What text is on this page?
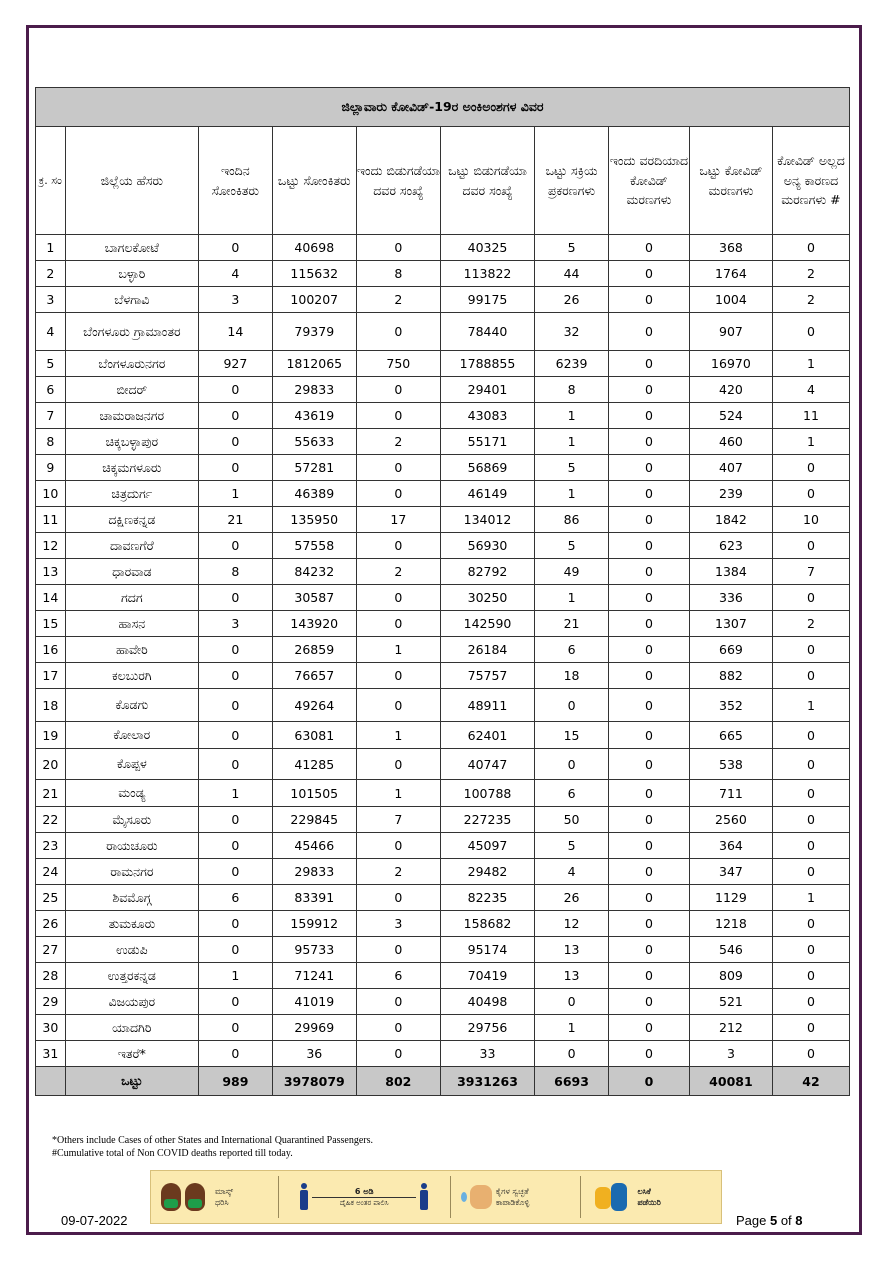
ಜಿಲ್ಲಾವಾರು ಕೋವಿಡ್-19ರ ಅಂಕಿಅಂಶಗಳ ವಿವರ									
ಕ್ರ. ಸಂ	ಜಿಲ್ಲೆಯ ಹೆಸರು	ಇಂದಿನ ಸೋಂಕಿತರು	ಒಟ್ಟು ಸೋಂಕಿತರು	ಇಂದು ಬಿಡುಗಡೆಯಾ ದವರ ಸಂಖ್ಯೆ	ಒಟ್ಟು ಬಿಡುಗಡೆಯಾ ದವರ ಸಂಖ್ಯೆ	ಒಟ್ಟು ಸಕ್ರಿಯ ಪ್ರಕರಣಗಳು	ಇಂದು ವರದಿಯಾದ ಕೋವಿಡ್ ಮರಣಗಳು	ಒಟ್ಟು ಕೋವಿಡ್ ಮರಣಗಳು	ಕೋವಿಡ್ ಅಲ್ಲದ ಅನ್ಯ ಕಾರಣದ ಮರಣಗಳು #
1	ಬಾಗಲಕೋಟೆ	0	40698	0	40325	5	0	368	0
2	ಬಳ್ಳಾರಿ	4	115632	8	113822	44	0	1764	2
3	ಬೆಳಗಾವಿ	3	100207	2	99175	26	0	1004	2
4	ಬೆಂಗಳೂರು ಗ್ರಾಮಾಂತರ	14	79379	0	78440	32	0	907	0
5	ಬೆಂಗಳೂರುನಗರ	927	1812065	750	1788855	6239	0	16970	1
6	ಬೀದರ್	0	29833	0	29401	8	0	420	4
7	ಚಾಮರಾಜನಗರ	0	43619	0	43083	1	0	524	11
8	ಚಿಕ್ಕಬಳ್ಳಾಪುರ	0	55633	2	55171	1	0	460	1
9	ಚಿಕ್ಕಮಗಳೂರು	0	57281	0	56869	5	0	407	0
10	ಚಿತ್ರದುರ್ಗ	1	46389	0	46149	1	0	239	0
11	ದಕ್ಷಿಣಕನ್ನಡ	21	135950	17	134012	86	0	1842	10
12	ದಾವಣಗೆರೆ	0	57558	0	56930	5	0	623	0
13	ಧಾರವಾಡ	8	84232	2	82792	49	0	1384	7
14	ಗದಗ	0	30587	0	30250	1	0	336	0
15	ಹಾಸನ	3	143920	0	142590	21	0	1307	2
16	ಹಾವೇರಿ	0	26859	1	26184	6	0	669	0
17	ಕಲಬುರಗಿ	0	76657	0	75757	18	0	882	0
18	ಕೊಡಗು	0	49264	0	48911	0	0	352	1
19	ಕೋಲಾರ	0	63081	1	62401	15	0	665	0
20	ಕೊಪ್ಪಳ	0	41285	0	40747	0	0	538	0
21	ಮಂಡ್ಯ	1	101505	1	100788	6	0	711	0
22	ಮೈಸೂರು	0	229845	7	227235	50	0	2560	0
23	ರಾಯಚೂರು	0	45466	0	45097	5	0	364	0
24	ರಾಮನಗರ	0	29833	2	29482	4	0	347	0
25	ಶಿವಮೊಗ್ಗ	6	83391	0	82235	26	0	1129	1
26	ತುಮಕೂರು	0	159912	3	158682	12	0	1218	0
27	ಉಡುಪಿ	0	95733	0	95174	13	0	546	0
28	ಉತ್ತರಕನ್ನಡ	1	71241	6	70419	13	0	809	0
29	ವಿಜಯಪುರ	0	41019	0	40498	0	0	521	0
30	ಯಾದಗಿರಿ	0	29969	0	29756	1	0	212	0
31	ಇತರೆ*	0	36	0	33	0	0	3	0
	ಒಟ್ಟು	989	3978079	802	3931263	6693	0	40081	42
*Others include Cases of other States and International Quarantined Passengers.
#Cumulative total of Non COVID deaths reported till today.
ಮಾಸ್ಕ್
ಧರಿಸಿ
6 ಅಡಿ
ದೈಹಿಕ ಅಂತರ ಪಾಲಿಸಿ
ಕೈಗಳ ಸ್ವಚ್ಛತೆ
ಕಾಪಾಡಿಕೊಳ್ಳಿ
ಲಸಿಕೆ
ಪಡೆಯಿರಿ
09-07-2022	Page 5 of 8
